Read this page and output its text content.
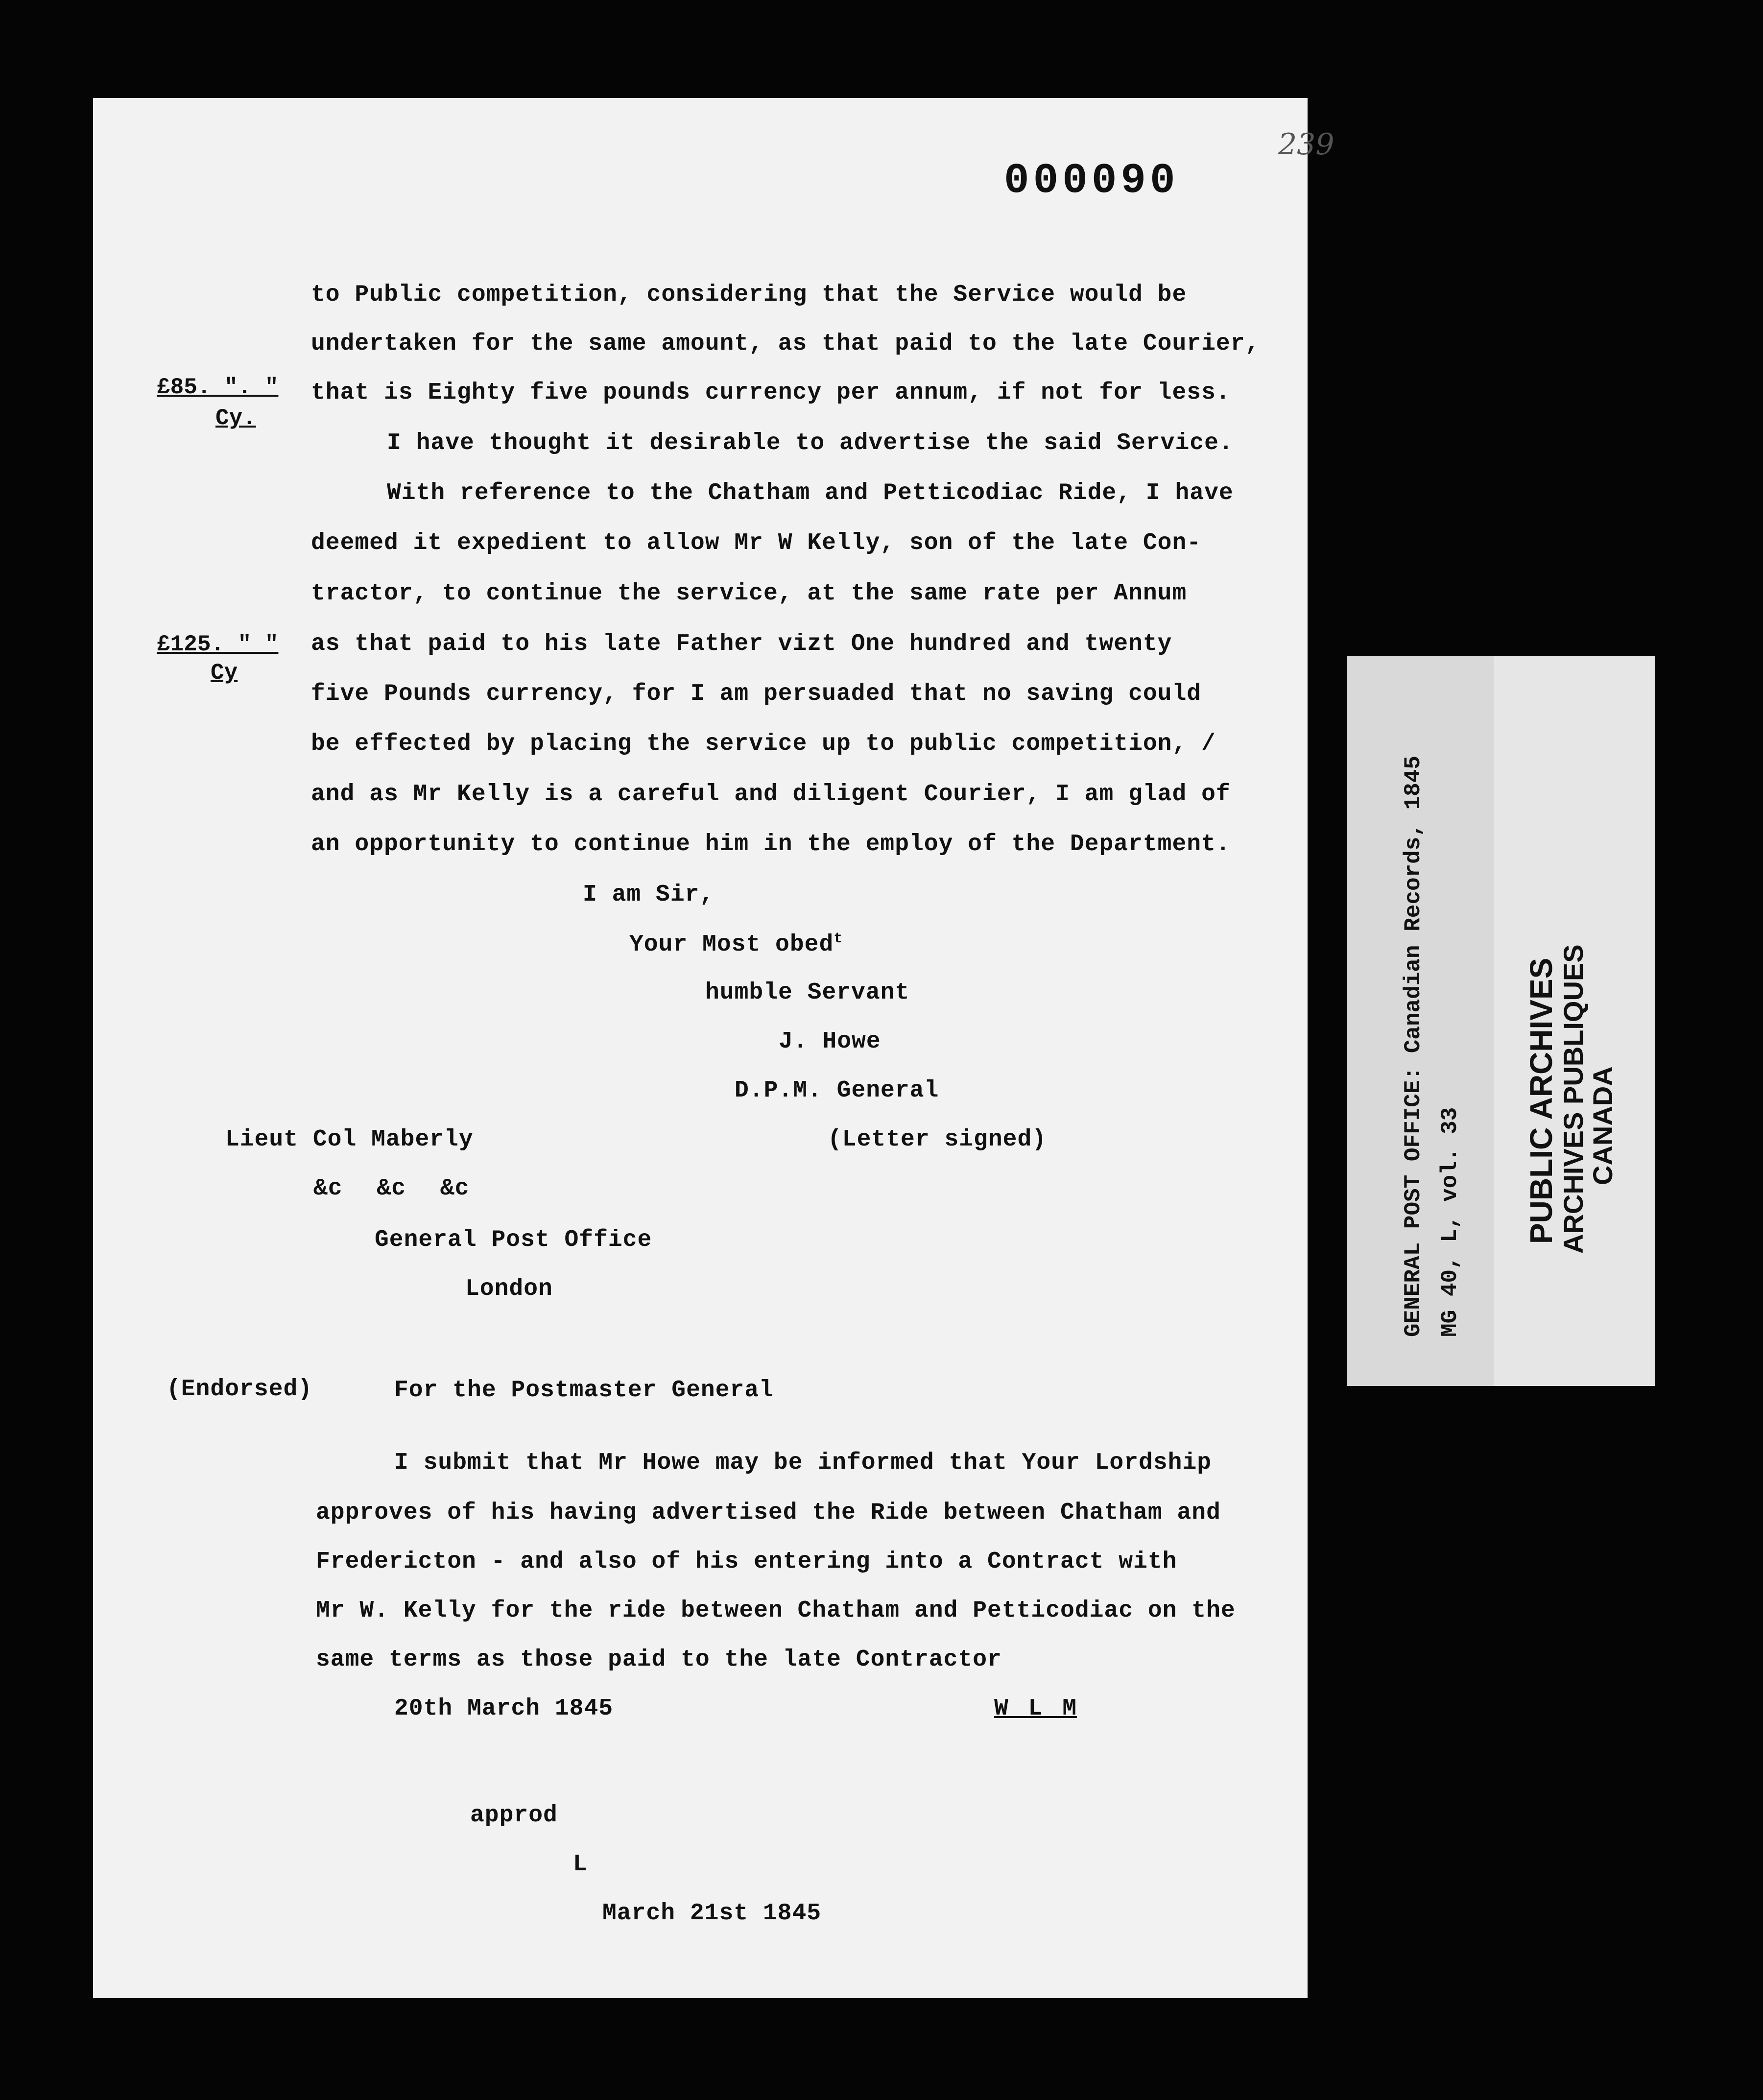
239
000090
£85. ". "
Cy.
£125. " "
Cy
to Public competition, considering that the Service would be
undertaken for the same amount, as that paid to the late Courier,
that is Eighty five pounds currency per annum, if not for less.
I have thought it desirable to advertise the said Service.
With reference to the Chatham and Petticodiac Ride, I have
deemed it expedient to allow Mr W Kelly, son of the late Con-
tractor, to continue the service, at the same rate per Annum
as that paid to his late Father vizt One hundred and twenty
five Pounds currency, for I am persuaded that no saving could
be effected by placing the service up to public competition, /
and as Mr Kelly is a careful and diligent Courier, I am glad of
an opportunity to continue him in the employ of the Department.
I am Sir,
Your Most obed$^t$
humble Servant
J. Howe
D.P.M. General
(Letter signed)
Lieut Col Maberly
&c &c &c
General Post Office
London
(Endorsed)	For the Postmaster General
I submit that Mr Howe may be informed that Your Lordship
approves of his having advertised the Ride between Chatham and
Fredericton - and also of his entering into a Contract with
Mr W. Kelly for the ride between Chatham and Petticodiac on the
same terms as those paid to the late Contractor
20th March 1845	W L M
approd
L
March 21st 1845
GENERAL POST OFFICE: Canadian Records, 1845 MG 40, L, vol. 33 PUBLIC ARCHIVES
ARCHIVES PUBLIQUES
CANADA
